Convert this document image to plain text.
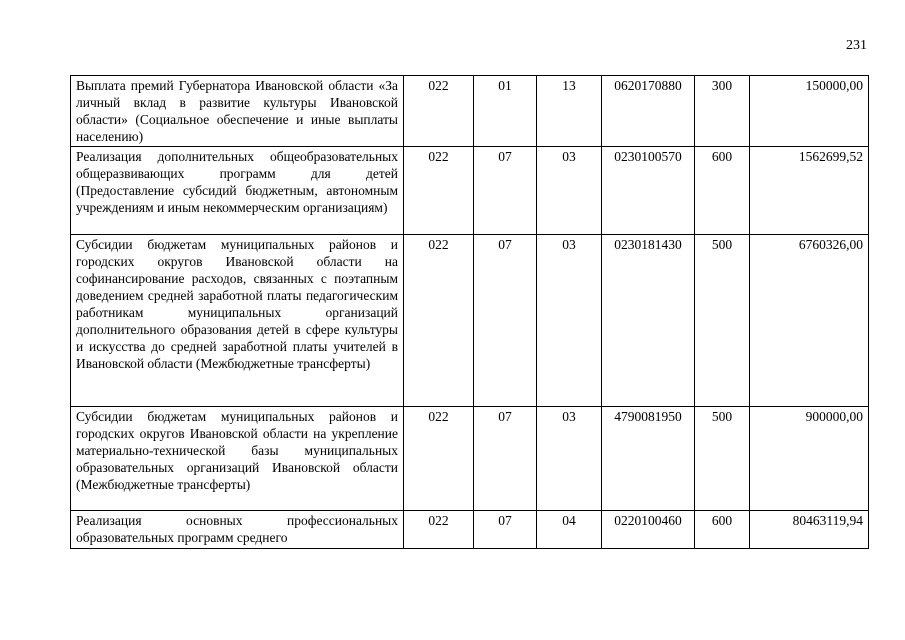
231
Выплата премий Губернатора Ивановской области «За личный вклад в развитие культуры Ивановской области» (Социальное обеспечение и иные выплаты населению)	022	01	13	0620170880	300	150000,00
Реализация дополнительных общеобразовательных общеразвивающих программ для детей (Предоставление субсидий бюджетным, автономным учреждениям и иным некоммерческим организациям)	022	07	03	0230100570	600	1562699,52
Субсидии бюджетам муниципальных районов и городских округов Ивановской области на софинансирование расходов, связанных с поэтапным доведением средней заработной платы педагогическим работникам муниципальных организаций дополнительного образования детей в сфере культуры и искусства до средней заработной платы учителей в Ивановской области (Межбюджетные трансферты)	022	07	03	0230181430	500	6760326,00
Субсидии бюджетам муниципальных районов и городских округов Ивановской области на укрепление материально-технической базы муниципальных образовательных организаций Ивановской области (Межбюджетные трансферты)	022	07	03	4790081950	500	900000,00
Реализация основных профессиональных образовательных программ среднего	022	07	04	0220100460	600	80463119,94
